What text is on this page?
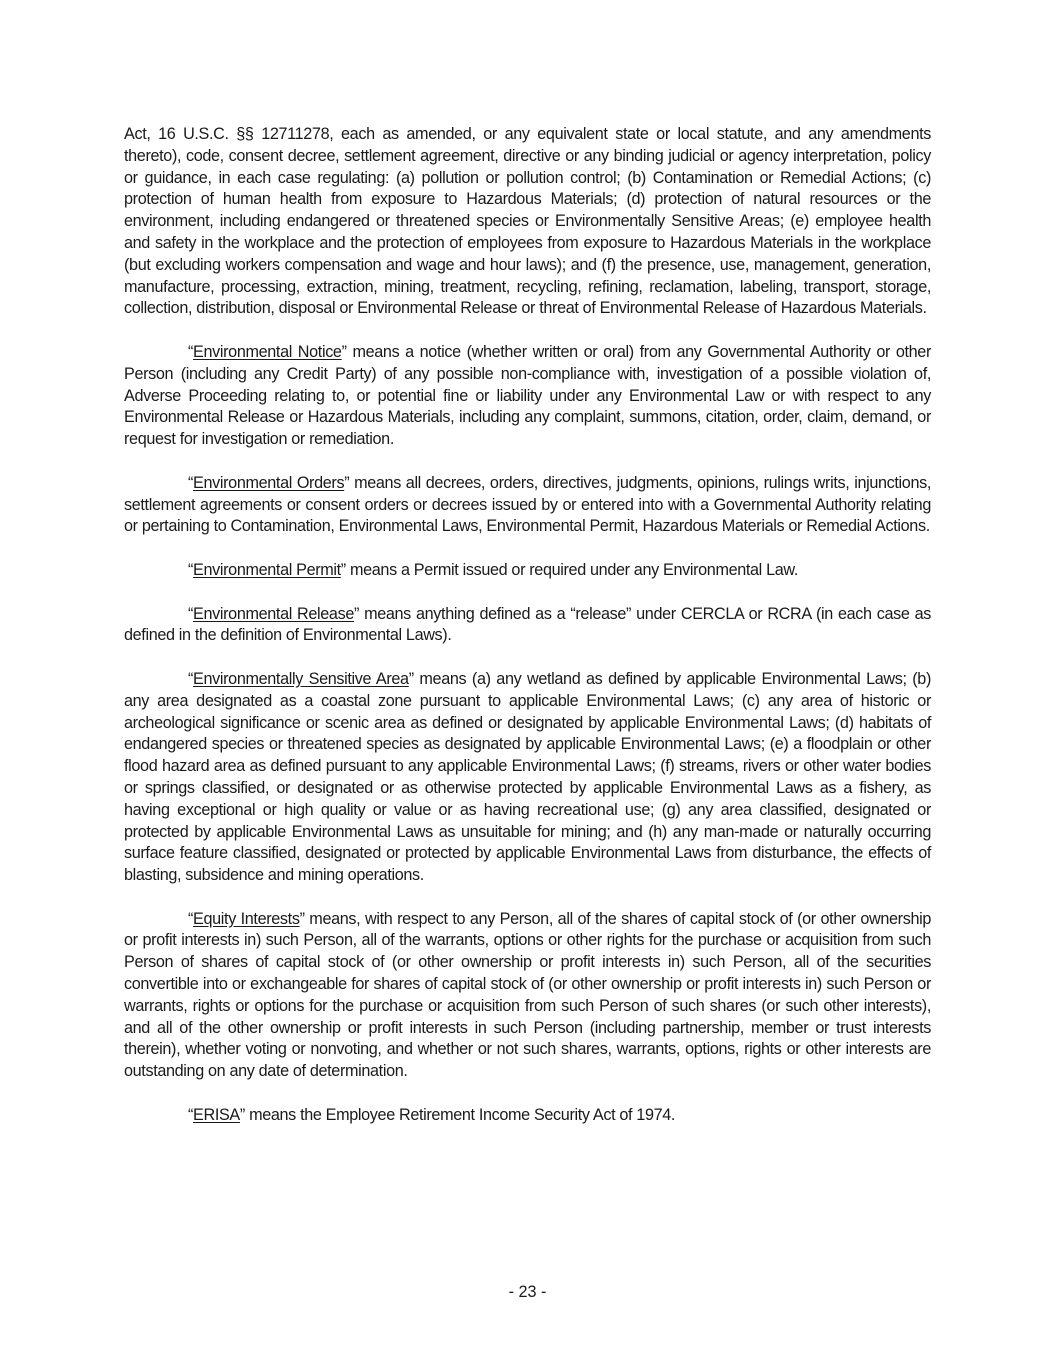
Act, 16 U.S.C. §§ 12711278, each as amended, or any equivalent state or local statute, and any amendments thereto), code, consent decree, settlement agreement, directive or any binding judicial or agency interpretation, policy or guidance, in each case regulating: (a) pollution or pollution control; (b) Contamination or Remedial Actions; (c) protection of human health from exposure to Hazardous Materials; (d) protection of natural resources or the environment, including endangered or threatened species or Environmentally Sensitive Areas; (e) employee health and safety in the workplace and the protection of employees from exposure to Hazardous Materials in the workplace (but excluding workers compensation and wage and hour laws); and (f) the presence, use, management, generation, manufacture, processing, extraction, mining, treatment, recycling, refining, reclamation, labeling, transport, storage, collection, distribution, disposal or Environmental Release or threat of Environmental Release of Hazardous Materials.

“Environmental Notice” means a notice (whether written or oral) from any Governmental Authority or other Person (including any Credit Party) of any possible non-compliance with, investigation of a possible violation of, Adverse Proceeding relating to, or potential fine or liability under any Environmental Law or with respect to any Environmental Release or Hazardous Materials, including any complaint, summons, citation, order, claim, demand, or request for investigation or remediation.

“Environmental Orders” means all decrees, orders, directives, judgments, opinions, rulings writs, injunctions, settlement agreements or consent orders or decrees issued by or entered into with a Governmental Authority relating or pertaining to Contamination, Environmental Laws, Environmental Permit, Hazardous Materials or Remedial Actions.

“Environmental Permit” means a Permit issued or required under any Environmental Law.

“Environmental Release” means anything defined as a “release” under CERCLA or RCRA (in each case as defined in the definition of Environmental Laws).

“Environmentally Sensitive Area” means (a) any wetland as defined by applicable Environmental Laws; (b) any area designated as a coastal zone pursuant to applicable Environmental Laws; (c) any area of historic or archeological significance or scenic area as defined or designated by applicable Environmental Laws; (d) habitats of endangered species or threatened species as designated by applicable Environmental Laws; (e) a floodplain or other flood hazard area as defined pursuant to any applicable Environmental Laws; (f) streams, rivers or other water bodies or springs classified, or designated or as otherwise protected by applicable Environmental Laws as a fishery, as having exceptional or high quality or value or as having recreational use; (g) any area classified, designated or protected by applicable Environmental Laws as unsuitable for mining; and (h) any man-made or naturally occurring surface feature classified, designated or protected by applicable Environmental Laws from disturbance, the effects of blasting, subsidence and mining operations.

“Equity Interests” means, with respect to any Person, all of the shares of capital stock of (or other ownership or profit interests in) such Person, all of the warrants, options or other rights for the purchase or acquisition from such Person of shares of capital stock of (or other ownership or profit interests in) such Person, all of the securities convertible into or exchangeable for shares of capital stock of (or other ownership or profit interests in) such Person or warrants, rights or options for the purchase or acquisition from such Person of such shares (or such other interests), and all of the other ownership or profit interests in such Person (including partnership, member or trust interests therein), whether voting or nonvoting, and whether or not such shares, warrants, options, rights or other interests are outstanding on any date of determination.

“ERISA” means the Employee Retirement Income Security Act of 1974.

- 23 -
